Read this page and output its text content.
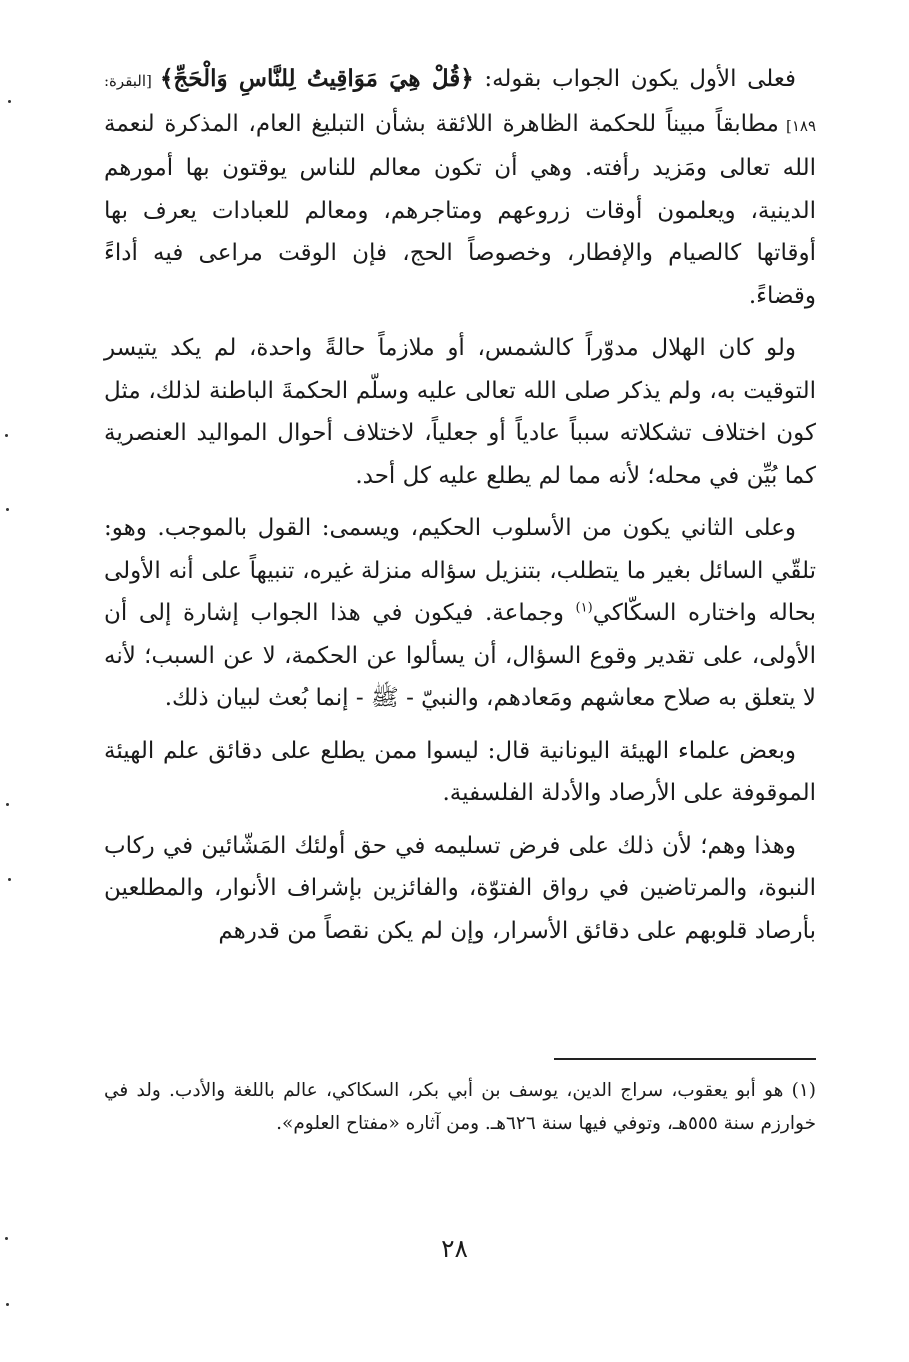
فعلى الأول يكون الجواب بقوله: ﴿قُلْ هِيَ مَوَاقِيتُ لِلنَّاسِ وَالْحَجِّ﴾ [البقرة: ١٨٩] مطابقاً مبيناً للحكمة الظاهرة اللائقة بشأن التبليغ العام، المذكرة لنعمة الله تعالى ومَزيد رأفته. وهي أن تكون معالم للناس يوقتون بها أمورهم الدينية، ويعلمون أوقات زروعهم ومتاجرهم، ومعالم للعبادات يعرف بها أوقاتها كالصيام والإفطار، وخصوصاً الحج، فإن الوقت مراعى فيه أداءً وقضاءً.

ولو كان الهلال مدوّراً كالشمس، أو ملازماً حالةً واحدة، لم يكد يتيسر التوقيت به، ولم يذكر صلى الله تعالى عليه وسلّم الحكمةَ الباطنة لذلك، مثل كون اختلاف تشكلاته سبباً عادياً أو جعلياً، لاختلاف أحوال المواليد العنصرية كما بُيِّن في محله؛ لأنه مما لم يطلع عليه كل أحد.

وعلى الثاني يكون من الأسلوب الحكيم، ويسمى: القول بالموجب. وهو: تلقّي السائل بغير ما يتطلب، بتنزيل سؤاله منزلة غيره، تنبيهاً على أنه الأولى بحاله واختاره السكّاكي$^{(١)}$ وجماعة. فيكون في هذا الجواب إشارة إلى أن الأولى، على تقدير وقوع السؤال، أن يسألوا عن الحكمة، لا عن السبب؛ لأنه لا يتعلق به صلاح معاشهم ومَعادهم، والنبيّ - ﷺ - إنما بُعث لبيان ذلك.

وبعض علماء الهيئة اليونانية قال: ليسوا ممن يطلع على دقائق علم الهيئة الموقوفة على الأرصاد والأدلة الفلسفية.

وهذا وهم؛ لأن ذلك على فرض تسليمه في حق أولئك المَشّائين في ركاب النبوة، والمرتاضين في رواق الفتوّة، والفائزين بإشراف الأنوار، والمطلعين بأرصاد قلوبهم على دقائق الأسرار، وإن لم يكن نقصاً من قدرهم

(١) هو أبو يعقوب، سراج الدين، يوسف بن أبي بكر، السكاكي، عالم باللغة والأدب. ولد في خوارزم سنة ٥٥٥هـ، وتوفي فيها سنة ٦٢٦هـ. ومن آثاره «مفتاح العلوم».
٢٨
